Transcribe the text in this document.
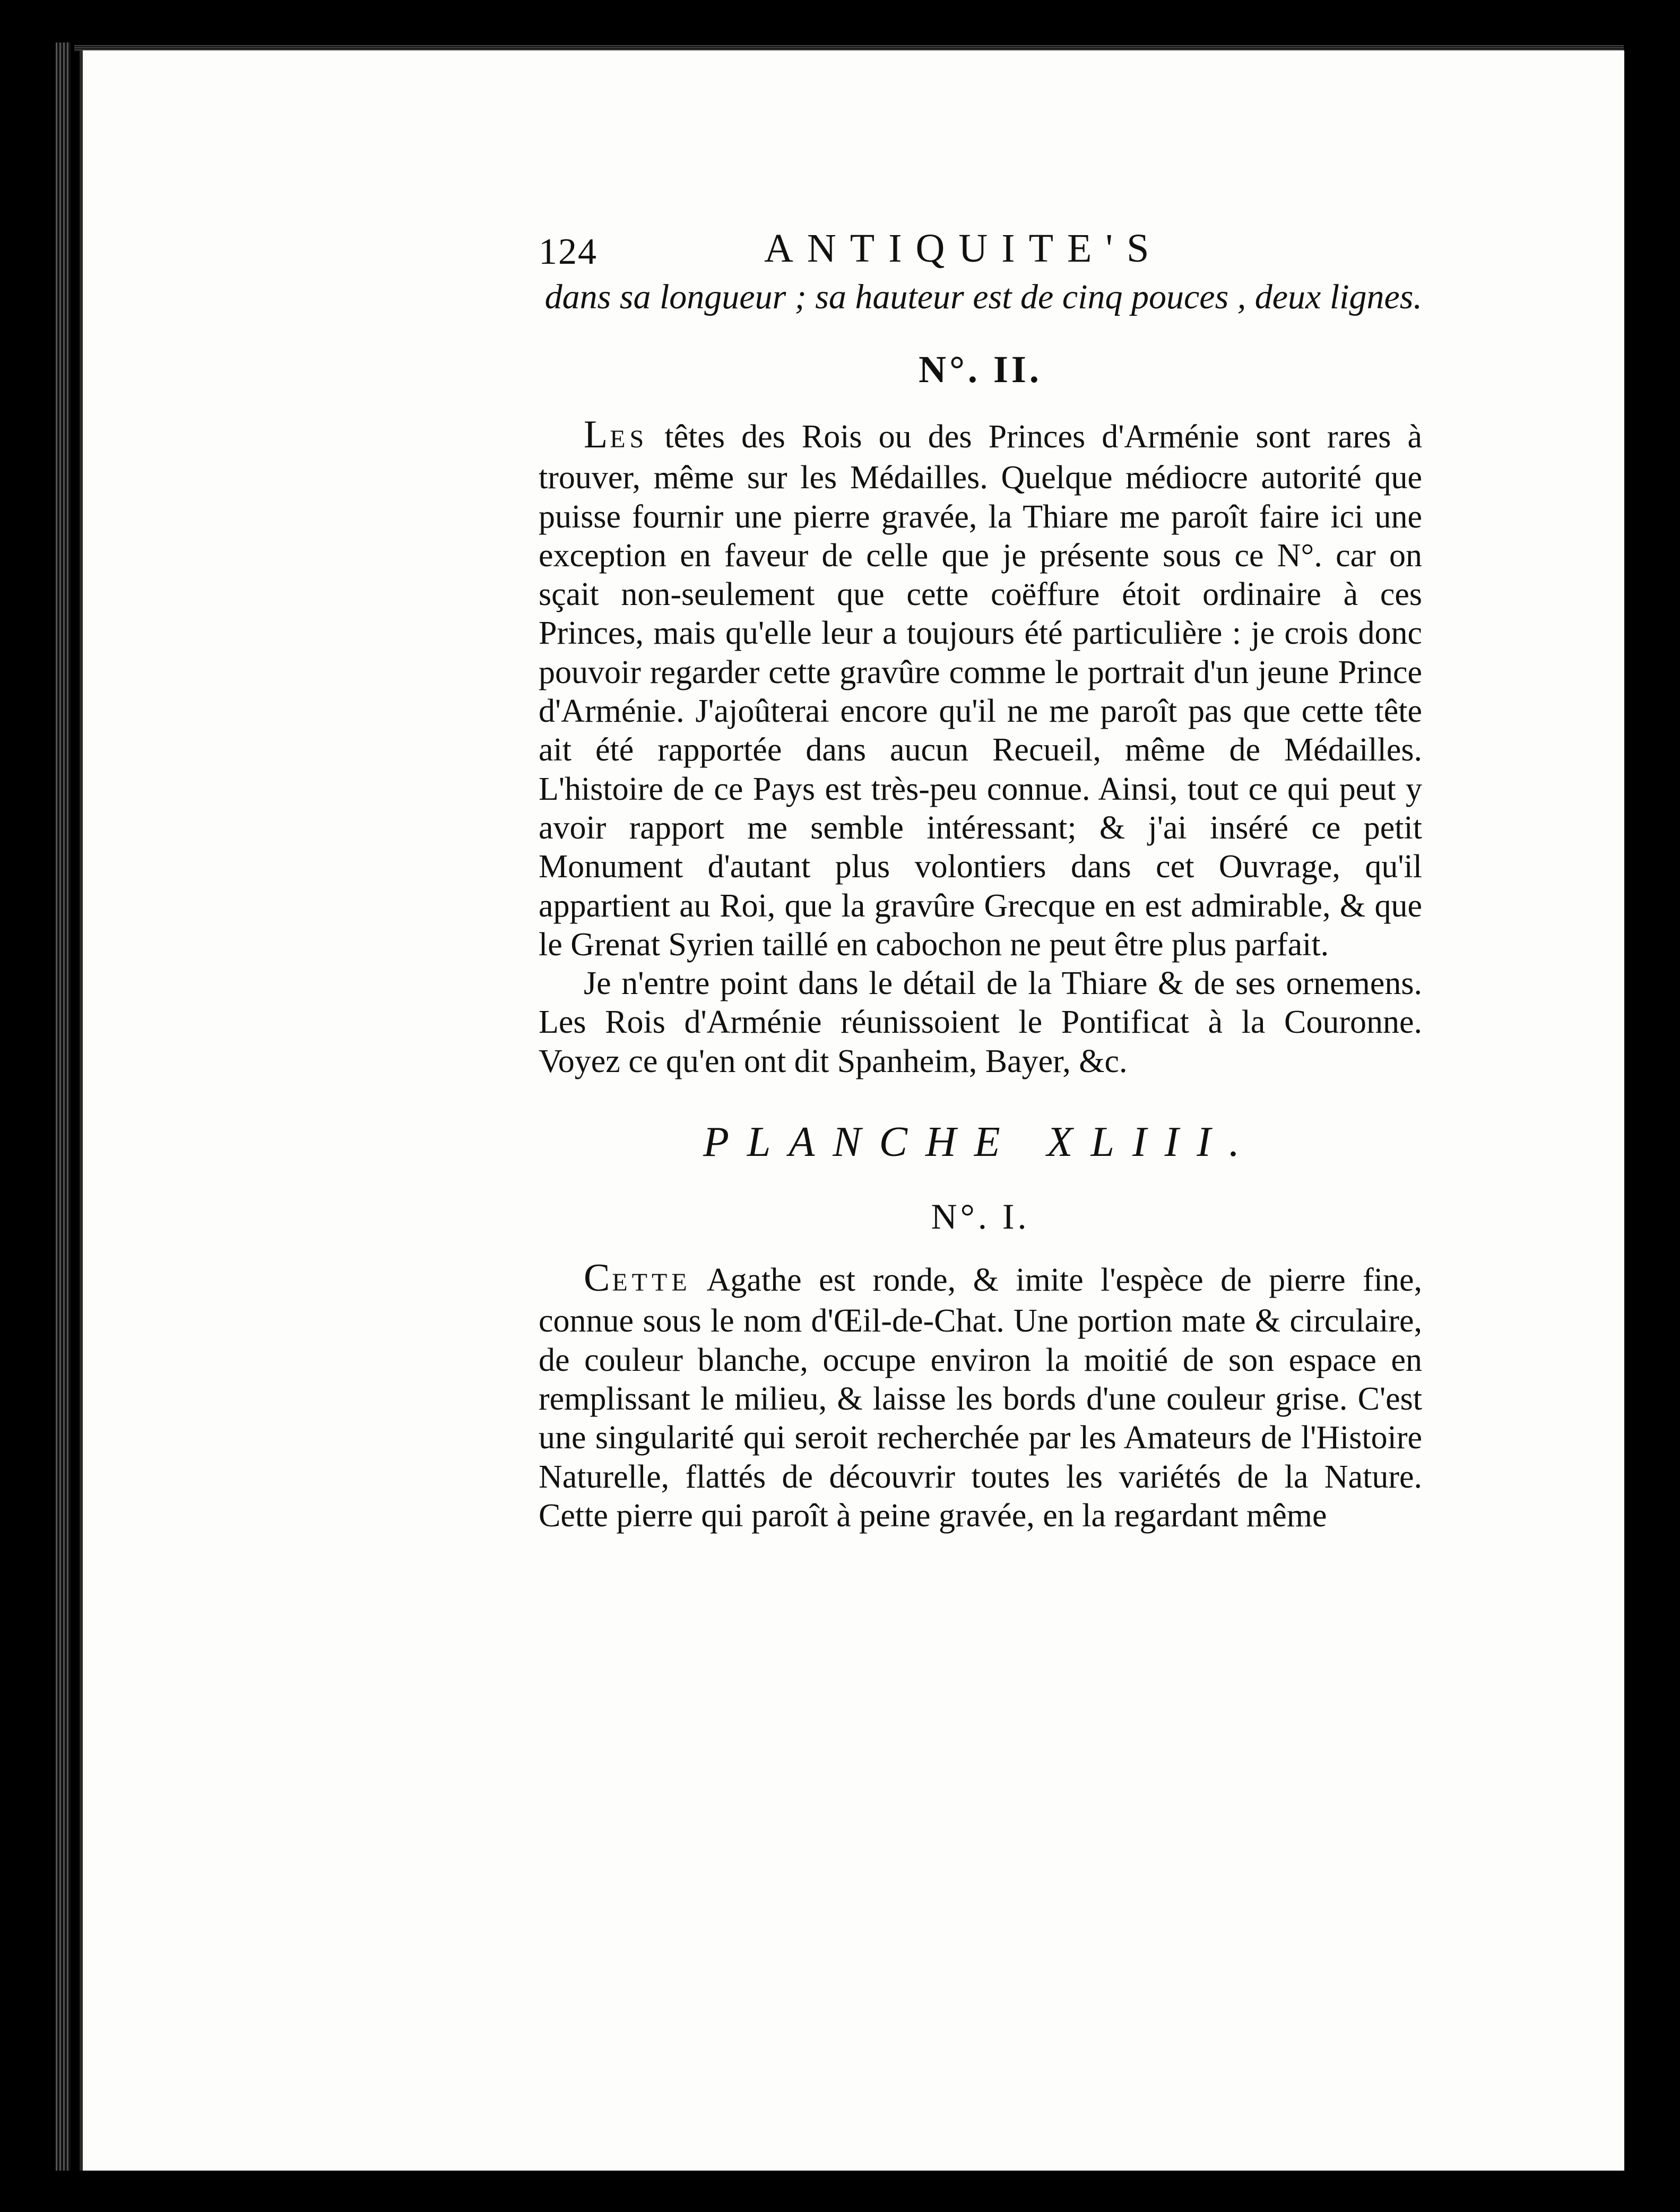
124	ANTIQUITE'S
dans sa longueur ; sa hauteur est de cinq pouces , deux lignes.
N°. II.

LES têtes des Rois ou des Princes d'Arménie sont rares à trouver, même sur les Médailles. Quelque médiocre autorité que puisse fournir une pierre gravée, la Thiare me paroît faire ici une exception en faveur de celle que je présente sous ce N°. car on sçait non-seulement que cette coëffure étoit ordinaire à ces Princes, mais qu'elle leur a toujours été particulière : je crois donc pouvoir regarder cette gravûre comme le portrait d'un jeune Prince d'Arménie. J'ajoûterai encore qu'il ne me paroît pas que cette tête ait été rapportée dans aucun Recueil, même de Médailles. L'histoire de ce Pays est très-peu connue. Ainsi, tout ce qui peut y avoir rapport me semble intéressant; & j'ai inséré ce petit Monument d'autant plus volontiers dans cet Ouvrage, qu'il appartient au Roi, que la gravûre Grecque en est admirable, & que le Grenat Syrien taillé en cabochon ne peut être plus parfait.

Je n'entre point dans le détail de la Thiare & de ses ornemens. Les Rois d'Arménie réunissoient le Pontificat à la Couronne. Voyez ce qu'en ont dit Spanheim, Bayer, &c.

PLANCHE XLIII.
N°. I.

CETTE Agathe est ronde, & imite l'espèce de pierre fine, connue sous le nom d'Œil-de-Chat. Une portion mate & circulaire, de couleur blanche, occupe environ la moitié de son espace en remplissant le milieu, & laisse les bords d'une couleur grise. C'est une singularité qui seroit recherchée par les Amateurs de l'Histoire Naturelle, flattés de découvrir toutes les variétés de la Nature. Cette pierre qui paroît à peine gravée, en la regardant même
